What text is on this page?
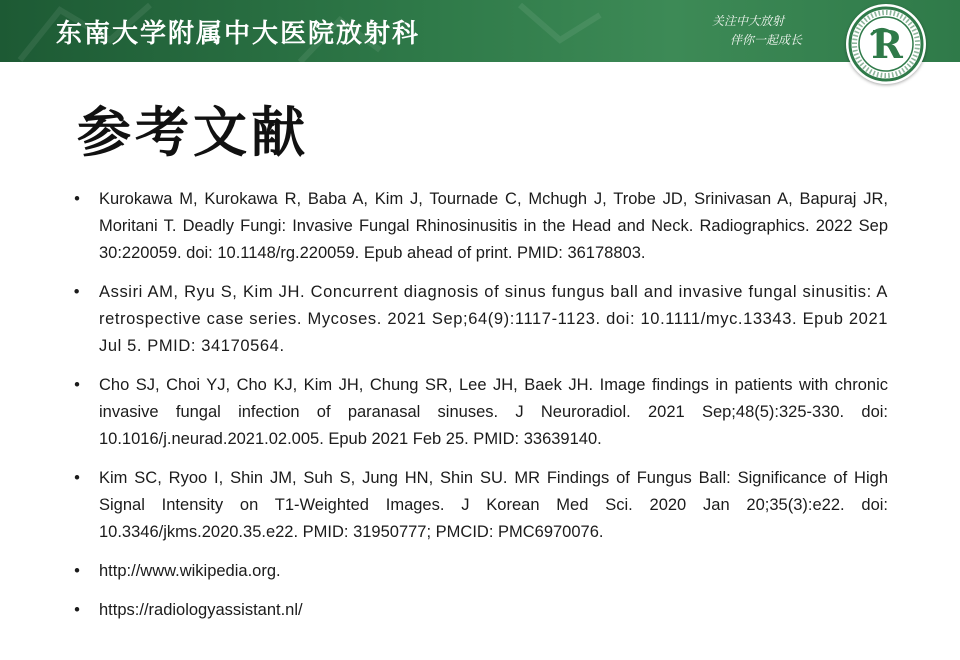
东南大学附属中大医院放射科	关注中大放射
伴你一起成长 R
参考文献
• Kurokawa M, Kurokawa R, Baba A, Kim J, Tournade C, Mchugh J, Trobe JD, Srinivasan A, Bapuraj JR, Moritani T. Deadly Fungi: Invasive Fungal Rhinosinusitis in the Head and Neck. Radiographics. 2022 Sep 30:220059. doi: 10.1148/rg.220059. Epub ahead of print. PMID: 36178803.
• Assiri AM, Ryu S, Kim JH. Concurrent diagnosis of sinus fungus ball and invasive fungal sinusitis: A retrospective case series. Mycoses. 2021 Sep;64(9):1117-1123. doi: 10.1111/myc.13343. Epub 2021 Jul 5. PMID: 34170564.
• Cho SJ, Choi YJ, Cho KJ, Kim JH, Chung SR, Lee JH, Baek JH. Image findings in patients with chronic invasive fungal infection of paranasal sinuses. J Neuroradiol. 2021 Sep;48(5):325-330. doi: 10.1016/j.neurad.2021.02.005. Epub 2021 Feb 25. PMID: 33639140.
• Kim SC, Ryoo I, Shin JM, Suh S, Jung HN, Shin SU. MR Findings of Fungus Ball: Significance of High Signal Intensity on T1-Weighted Images. J Korean Med Sci. 2020 Jan 20;35(3):e22. doi: 10.3346/jkms.2020.35.e22. PMID: 31950777; PMCID: PMC6970076.
• http://www.wikipedia.org.
• https://radiologyassistant.nl/
